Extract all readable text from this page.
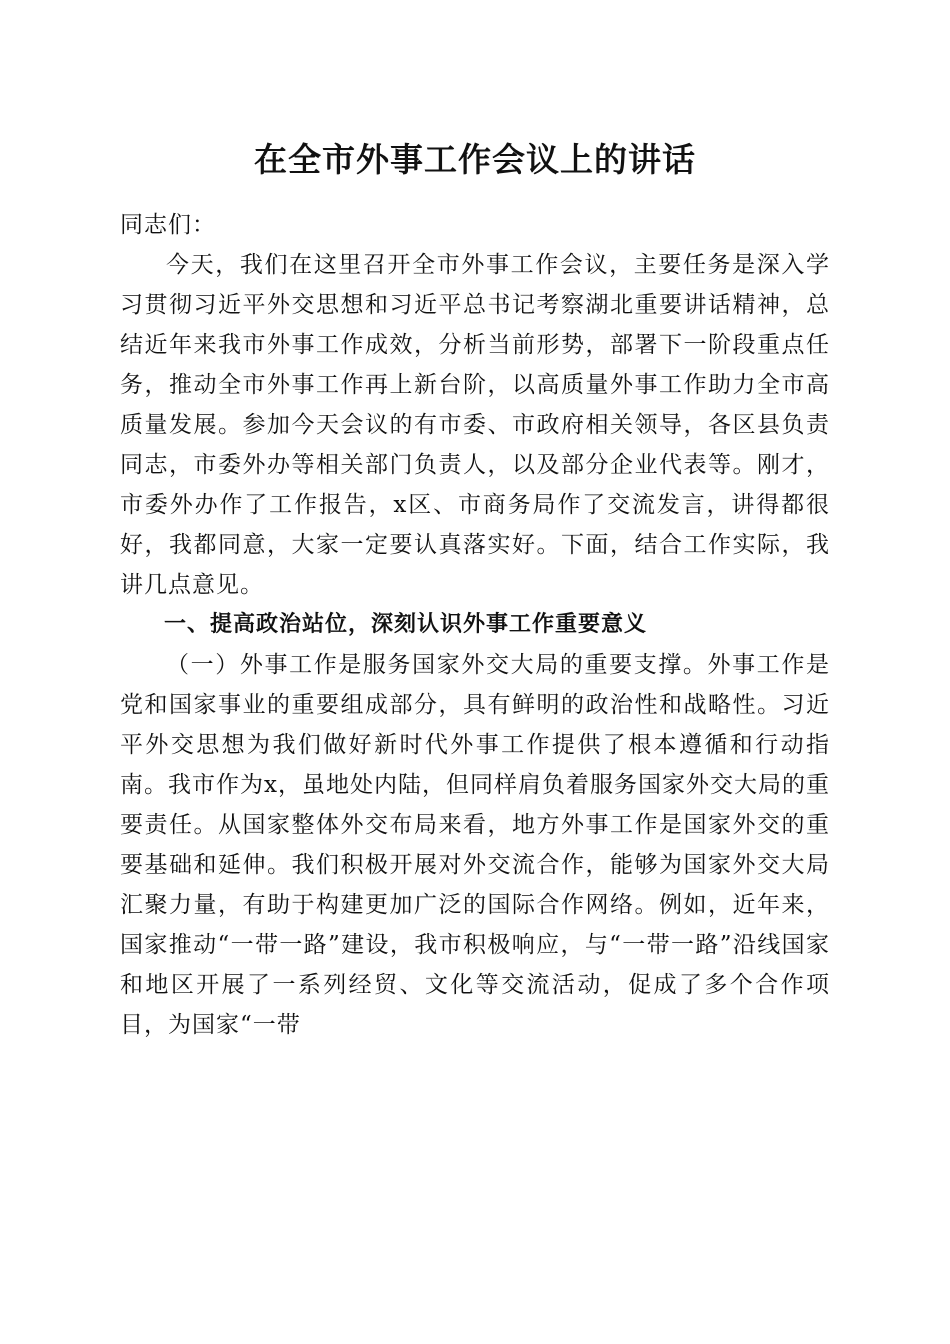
在全市外事工作会议上的讲话

同志们：

今天，我们在这里召开全市外事工作会议，主要任务是深入学习贯彻习近平外交思想和习近平总书记考察湖北重要讲话精神，总结近年来我市外事工作成效，分析当前形势，部署下一阶段重点任务，推动全市外事工作再上新台阶，以高质量外事工作助力全市高质量发展。参加今天会议的有市委、市政府相关领导，各区县负责同志，市委外办等相关部门负责人，以及部分企业代表等。刚才，市委外办作了工作报告，x区、市商务局作了交流发言，讲得都很好，我都同意，大家一定要认真落实好。下面，结合工作实际，我讲几点意见。

一、提高政治站位，深刻认识外事工作重要意义

（一）外事工作是服务国家外交大局的重要支撑。外事工作是党和国家事业的重要组成部分，具有鲜明的政治性和战略性。习近平外交思想为我们做好新时代外事工作提供了根本遵循和行动指南。我市作为x，虽地处内陆，但同样肩负着服务国家外交大局的重要责任。从国家整体外交布局来看，地方外事工作是国家外交的重要基础和延伸。我们积极开展对外交流合作，能够为国家外交大局汇聚力量，有助于构建更加广泛的国际合作网络。例如，近年来，国家推动“一带一路”建设，我市积极响应，与“一带一路”沿线国家和地区开展了一系列经贸、文化等交流活动，促成了多个合作项目，为国家“一带
